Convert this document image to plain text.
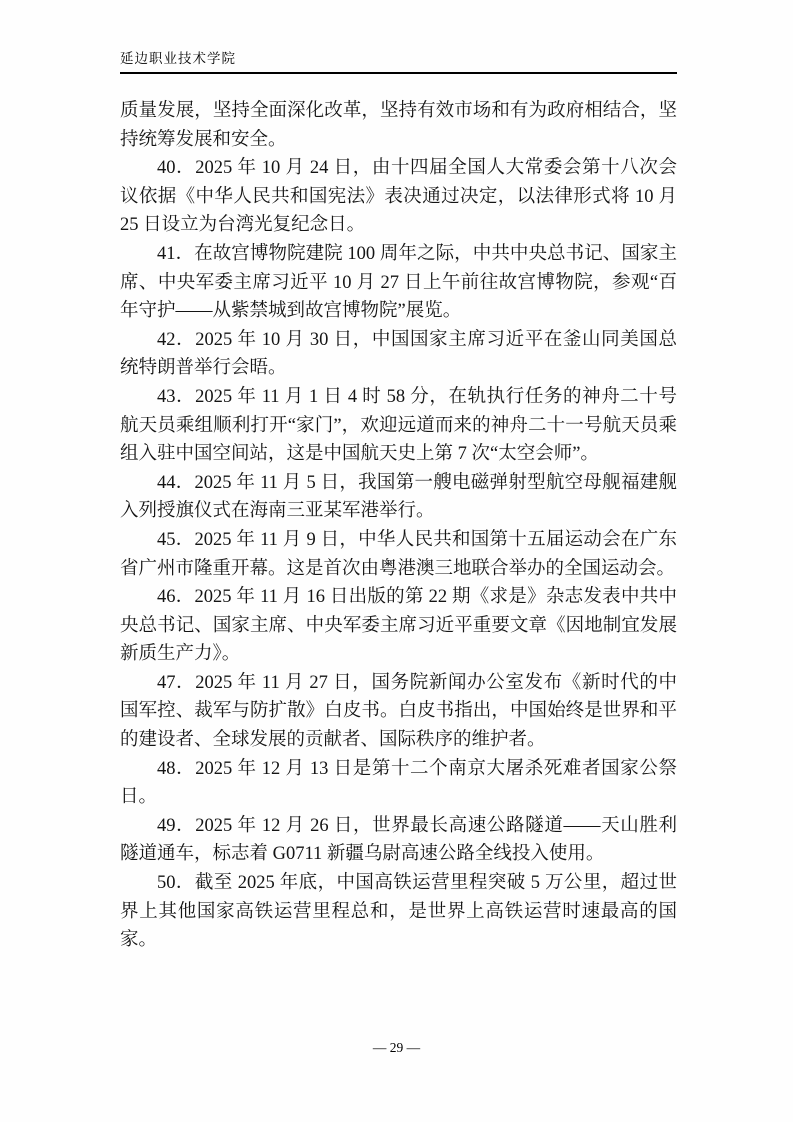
延边职业技术学院

质量发展，坚持全面深化改革，坚持有效市场和有为政府相结合，坚持统筹发展和安全。

40．2025 年 10 月 24 日，由十四届全国人大常委会第十八次会议依据《中华人民共和国宪法》表决通过决定，以法律形式将 10 月 25 日设立为台湾光复纪念日。

41．在故宫博物院建院 100 周年之际，中共中央总书记、国家主席、中央军委主席习近平 10 月 27 日上午前往故宫博物院，参观“百年守护——从紫禁城到故宫博物院”展览。

42．2025 年 10 月 30 日，中国国家主席习近平在釜山同美国总统特朗普举行会晤。

43．2025 年 11 月 1 日 4 时 58 分，在轨执行任务的神舟二十号航天员乘组顺利打开“家门”，欢迎远道而来的神舟二十一号航天员乘组入驻中国空间站，这是中国航天史上第 7 次“太空会师”。

44．2025 年 11 月 5 日，我国第一艘电磁弹射型航空母舰福建舰入列授旗仪式在海南三亚某军港举行。

45．2025 年 11 月 9 日，中华人民共和国第十五届运动会在广东省广州市隆重开幕。这是首次由粤港澳三地联合举办的全国运动会。

46．2025 年 11 月 16 日出版的第 22 期《求是》杂志发表中共中央总书记、国家主席、中央军委主席习近平重要文章《因地制宜发展新质生产力》。

47．2025 年 11 月 27 日，国务院新闻办公室发布《新时代的中国军控、裁军与防扩散》白皮书。白皮书指出，中国始终是世界和平的建设者、全球发展的贡献者、国际秩序的维护者。

48．2025 年 12 月 13 日是第十二个南京大屠杀死难者国家公祭日。

49．2025 年 12 月 26 日，世界最长高速公路隧道——天山胜利隧道通车，标志着 G0711 新疆乌尉高速公路全线投入使用。

50．截至 2025 年底，中国高铁运营里程突破 5 万公里，超过世界上其他国家高铁运营里程总和，是世界上高铁运营时速最高的国家。

— 29 —
